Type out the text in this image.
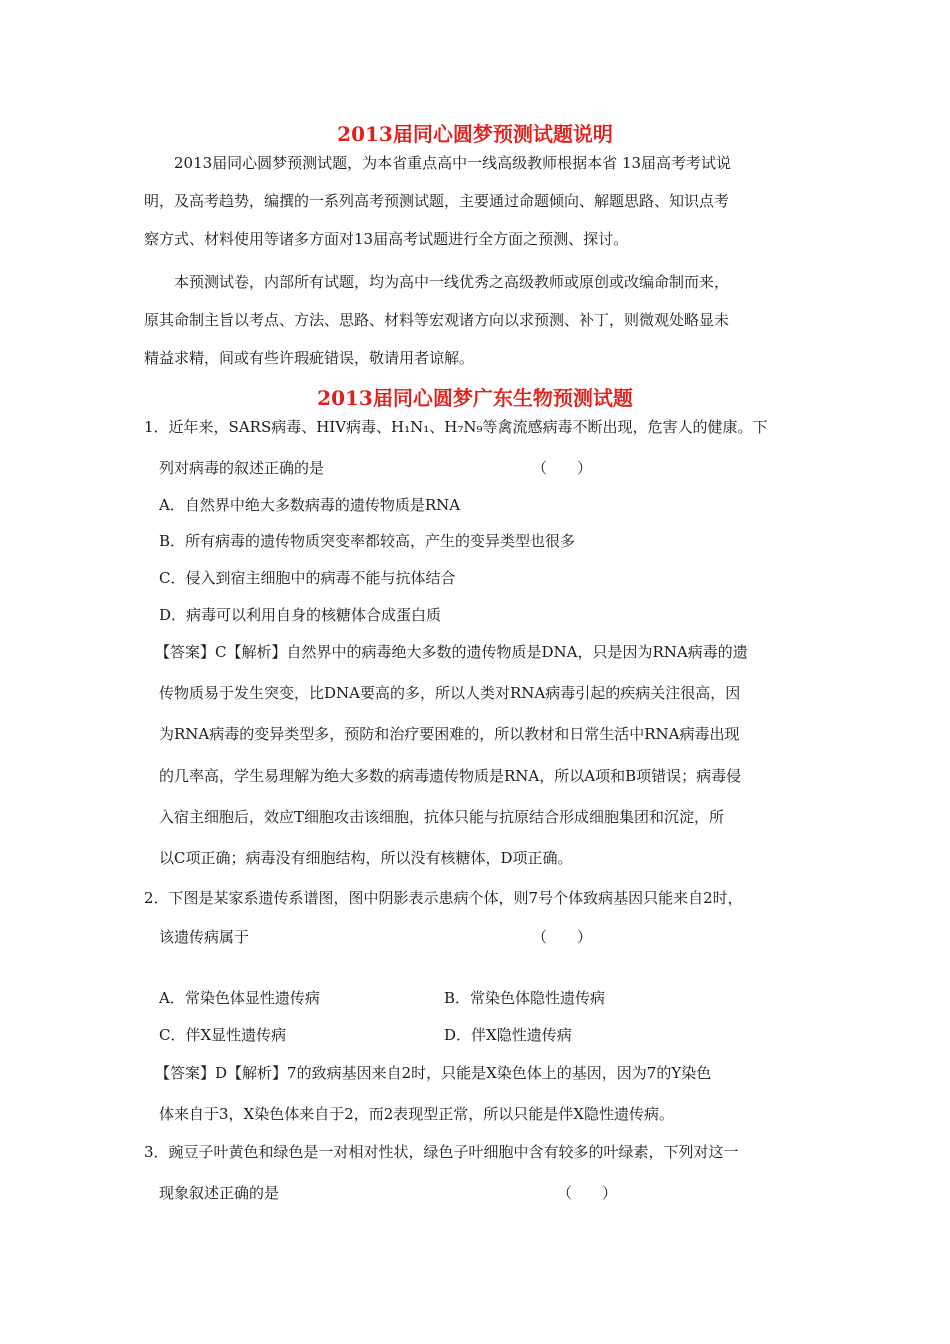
2013届同心圆梦预测试题说明
2013届同心圆梦预测试题，为本省重点高中一线高级教师根据本省 13届高考考试说
明，及高考趋势，编撰的一系列高考预测试题，主要通过命题倾向、解题思路、知识点考
察方式、材料使用等诸多方面对13届高考试题进行全方面之预测、探讨。
本预测试卷，内部所有试题，均为高中一线优秀之高级教师或原创或改编命制而来，
原其命制主旨以考点、方法、思路、材料等宏观诸方向以求预测、补丁，则微观处略显未
精益求精，间或有些许瑕疵错误，敬请用者谅解。
2013届同心圆梦广东生物预测试题
1．近年来，SARS病毒、HIV病毒、H₁N₁、H₇N₉等禽流感病毒不断出现，危害人的健康。下
列对病毒的叙述正确的是	（　　）
A．自然界中绝大多数病毒的遗传物质是RNA
B．所有病毒的遗传物质突变率都较高，产生的变异类型也很多
C．侵入到宿主细胞中的病毒不能与抗体结合
D．病毒可以利用自身的核糖体合成蛋白质
【答案】C【解析】自然界中的病毒绝大多数的遗传物质是DNA，只是因为RNA病毒的遗
传物质易于发生突变，比DNA要高的多，所以人类对RNA病毒引起的疾病关注很高，因
为RNA病毒的变异类型多，预防和治疗要困难的，所以教材和日常生活中RNA病毒出现
的几率高，学生易理解为绝大多数的病毒遗传物质是RNA，所以A项和B项错误；病毒侵
入宿主细胞后，效应T细胞攻击该细胞，抗体只能与抗原结合形成细胞集团和沉淀，所
以C项正确；病毒没有细胞结构，所以没有核糖体，D项正确。
2．下图是某家系遗传系谱图，图中阴影表示患病个体，则7号个体致病基因只能来自2时，
该遗传病属于	（　　）
A．常染色体显性遗传病	B．常染色体隐性遗传病
C．伴X显性遗传病	D．伴X隐性遗传病
【答案】D【解析】7的致病基因来自2时，只能是X染色体上的基因，因为7的Y染色
体来自于3，X染色体来自于2，而2表现型正常，所以只能是伴X隐性遗传病。
3．豌豆子叶黄色和绿色是一对相对性状，绿色子叶细胞中含有较多的叶绿素，下列对这一
现象叙述正确的是	（　　）
